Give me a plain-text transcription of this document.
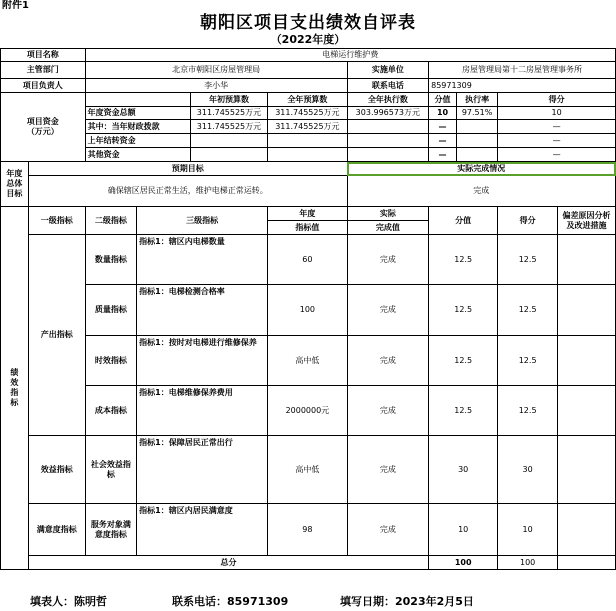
附件1
朝阳区项目支出绩效自评表
（2022年度）
项目名称		电梯运行维护费								
主管部门		北京市朝阳区房屋管理局				实施单位	房屋管理局第十二房屋管理事务所			
项目负责人		李小华				联系电话	85971309			
项目资金
（万元）				年初预算数	全年预算数	全年执行数	分值	执行率	得分	
		年度资金总额		311.745525万元	311.745525万元	303.996573万元	10	97.51%	10	
		其中：当年财政拨款		311.745525万元	311.745525万元		—		—	
		上年结转资金					—		—	
		其他资金					—		—	
年度
总体
目标	预期目标					实际完成情况				
	确保辖区居民正常生活，维护电梯正常运转。					完成				
绩
效
指
标	一级指标	二级指标	三级指标		年度	实际	分值		得分	偏差原因分析及改进措施
					指标值	完成值				
	产出指标	数量指标	指标1：辖区内电梯数量		60	完成	12.5		12.5	
		质量指标	指标1：电梯检测合格率		100	完成	12.5		12.5	
		时效指标	指标1：按时对电梯进行维修保养		高中低	完成	12.5		12.5	
		成本指标	指标1：电梯维修保养费用		2000000元	完成	12.5		12.5	
	效益指标	社会效益指标	指标1：保障居民正常出行		高中低	完成	30		30	
	满意度指标	服务对象满意度指标	指标1：辖区内居民满意度		98	完成	10		10	
	总分						100		100	
填表人：陈明哲	联系电话：85971309	填写日期：2023年2月5日
